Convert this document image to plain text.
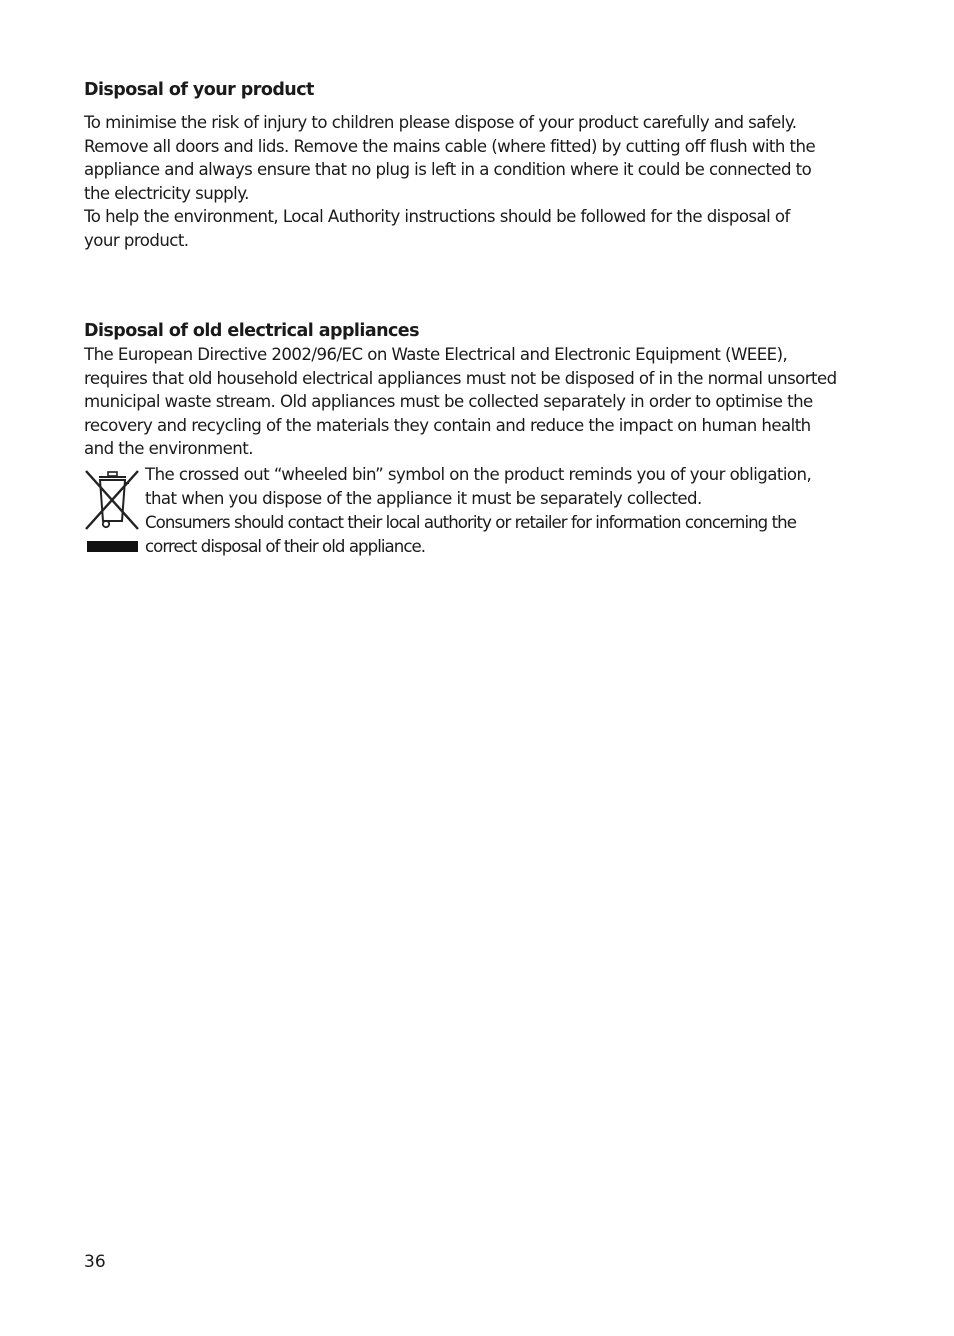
Disposal of your product

To minimise the risk of injury to children please dispose of your product carefully and safely.

Remove all doors and lids. Remove the mains cable (where fitted) by cutting off flush with the

appliance and always ensure that no plug is left in a condition where it could be connected to

the electricity supply.

To help the environment, Local Authority instructions should be followed for the disposal of

your product.

Disposal of old electrical appliances

The European Directive 2002/96/EC on Waste Electrical and Electronic Equipment (WEEE),

requires that old household electrical appliances must not be disposed of in the normal unsorted

municipal waste stream. Old appliances must be collected separately in order to optimise the

recovery and recycling of the materials they contain and reduce the impact on human health

and the environment.

The crossed out “wheeled bin” symbol on the product reminds you of your obligation,

that when you dispose of the appliance it must be separately collected.

Consumers should contact their local authority or retailer for information concerning the

correct disposal of their old appliance.

36
